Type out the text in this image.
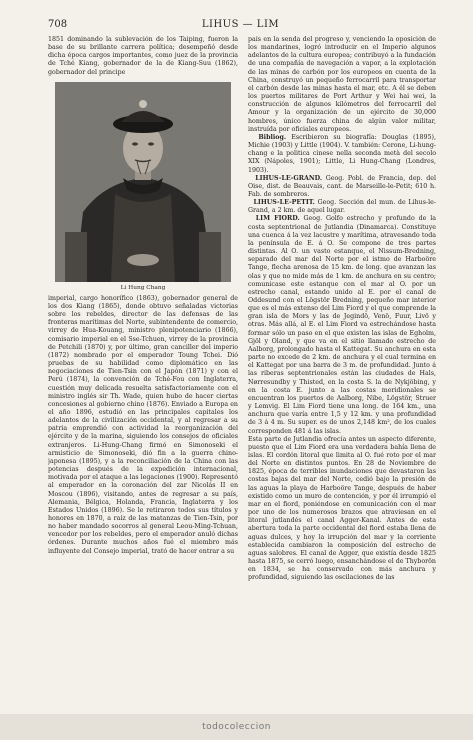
708	LIHUS — LIM

1851 dominando la sublevación de los Taiping, fueron la base de su brillante carrera política; desempeñó desde dicha época cargos importantes, como juez de la provincia de Tché Kiang, gobernador de la de Kiang-Suu (1862), gobernador del principe

Li Hung Chang

imperial, cargo honorífico (1863), gobernador general de los dos Kiang (1865), donde obtuvo señaladas victorias sobre los rebeldes, director de las defensas de las fronteras marítimas del Norte, subintendente de comercio, virrey de Hua-Kouang, ministro plenipotenciario (1866), comisario imperial en el Sse-Tchuen, virrey de la provincia de Petchili (1870) y, por último, gran canciller del imperio (1872) nombrado por el emperador Toung Tchei. Dió pruebas de su habilidad como diplomático en las negociaciones de Tien-Tsin con el Japón (1871) y con el Perú (1874), la convención de Tché-Fou con Inglaterra, cuestión muy delicada resuelta satisfactoriamente con el ministro inglés sir Th. Wade, quien hubo de hacer ciertas concesiones al gobierno chino (1876). Enviado a Europa en el año 1896, estudió en las principales capitales los adelantos de la civilización occidental, y al regresar a su patria emprendió con actividad la reorganización del ejército y de la marina, siguiendo los consejos de oficiales extranjeros. Li-Hung-Chang firmó en Simonoseki el armisticio de Simonoseki, dió fin a la guerra chino-japonesa (1895), y a la reconciliación de la China con las potencias después de la expedición internacional, motivada por el ataque a las legaciones (1900). Representó al emperador en la coronación del zar Nicolás II en Moscou (1896), visitando, antes de regresar a su país, Alemania, Bélgica, Holanda, Francia, Inglaterra y los Estados Unidos (1896). Se le retiraron todos sus títulos y honores en 1870, a raíz de las matanzas de Tien-Tsin, por no haber mandado socorros al general Leou-Ming-Tchuan, vencedor por los rebeldes, pero el emperador anuló dichas órdenes. Durante muchos años fué el miembro más influyente del Consejo imperial, trató de hacer entrar a su

país en la senda del progreso y, venciendo la oposición de los mandarines, logró introducir en el Imperio algunos adelantos de la cultura europea; contribuyó a la fundación de una compañía de navegación a vapor, a la explotación de las minas de carbón por los europeos en cuenta de la China, construyó un pequeño ferrocarril para transportar el carbón desde las minas hasta el mar, etc. A él se deben los puertos militares de Port Arthur y Wei hai wei, la construcción de algunos kilómetros del ferrocarril del Amour y la organización de un ejército de 30,000 hombres, único fuerza china de algún valor militar, instruída por oficiales europeos.

Bibliog. Escribieron su biografía: Douglas (1895), Michie (1903) y Little (1904). V. también: Cerone, Li-hung-chang e la politica cinese nella seconda metà del secolo XIX (Nápoles, 1901); Little, Li Hung-Chang (Londres, 1903).

LIHUS-LE-GRAND. Geog. Pobl. de Francia, dep. del Oise, dist. de Beauvais, cant. de Marseille-le-Petit; 610 h. Fab. de sombreros.

LIHUS-LE-PETIT. Geog. Sección del mun. de Lihus-le-Grand, a 2 km. de aquel lugar.

LIM FIORD. Geog. Golfo estrecho y profundo de la costa septentrional de Jutlandia (Dinamarca). Constituye una cuenca á la vez lacustre y marítima, atravesando toda la península de E. á O. Se compone de tres partes distintas. Al O. un vasto estanque, el Nissum-Bredning, separado del mar del Norte por el istmo de Harboöre Tange, flecha arenosa de 15 km. de long. que avanzan las olas y que no mide más de 1 km. de anchura en su centro; comunicase este estanque con el mar al O. por un estrecho canal, estando unido al E. por el canal de Oddesund con el Lögstör Bredning, pequeño mar interior que es el más extenso del Lim Fiord y el que comprende la gran isla de Mors y las de Jegindö, Venö, Fuur, Livö y otras. Más allá, al E. el Lim Fiord va estrechándose hasta formar sólo un paso en el que existen las islas de Egholm, Gjöl y Oland, y que va en el sitio llamado estrecho de Aalborg, prolongado hasta el Kattegat. Su anchura en esta parte no excede de 2 km. de anchura y el cual termina en el Kattegat por una barra de 3 m. de profundidad. Junto á las riberas septentrionales están las ciudades de Hals, Nørresundby y Thisted, en la costa S. la de Nykjöbing, y en la costa E. junto a las costas meridionales se encuentran los puertos de Aalborg, Nibe, Lögstör, Struer y Lemvig. El Lim Fiord tiene una long. de 164 km., una anchura que varía entre 1,5 y 12 km. y una profundidad de 3 á 4 m. Su super. es de unos 2,148 km², de los cuales corresponden 481 á las islas.

Esta parte de Jutlandia ofrecía antes un aspecto diferente, puesto que el Lim Fiord era una verdadera bahía llena de islas. El cordón litoral que limita al O. fué roto por el mar del Norte en distintos puntos. En 28 de Noviembre de 1825, época de terribles inundaciones que devastaron las costas bajas del mar del Norte, cedió bajo la presión de las aguas la playa de Harboöre Tange, después de haber existido como un muro de contención, y por él irrumpió el mar en el fiord, poniéndose en comunicación con el mar por uno de los numerosos brazos que atraviesan en el litoral jutlandés el canal Agger-Kanal. Antes de esta abertura toda la parte occidental del fiord estaba llena de aguas dulces, y hoy la irrupción del mar y la corriente establecida cambiaron la composición del estrecho de aguas salobres. El canal de Agger, que existía desde 1825 hasta 1875, se cerró luego, ensanchándose el de Thyborön en 1834, se ha conservado con más anchura y profundidad, siguiendo las oscilaciones de las

todocoleccion
